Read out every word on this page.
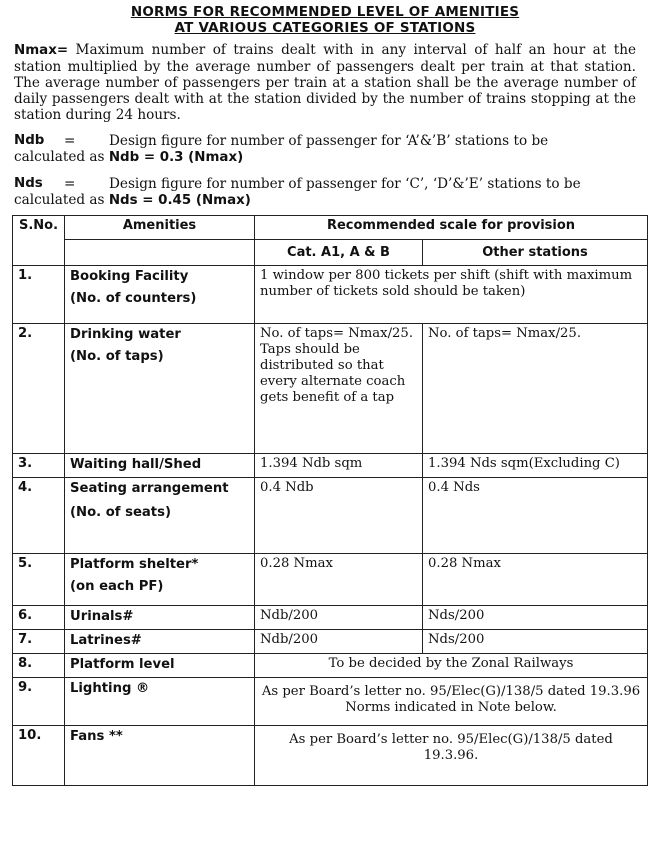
NORMS FOR RECOMMENDED LEVEL OF AMENITIES
AT VARIOUS CATEGORIES OF STATIONS
Nmax= Maximum number of trains dealt with in any interval of half an hour at the station multiplied by the average number of passengers dealt per train at that station. The average number of passengers per train at a station shall be the average number of daily passengers dealt with at the station divided by the number of trains stopping at the station during 24 hours.
Ndb	=	Design figure for number of passenger for ‘A’&’B’ stations to be
calculated as Ndb = 0.3 (Nmax)
Nds	=	Design figure for number of passenger for ‘C’, ‘D’&’E’ stations to be
calculated as Nds = 0.45 (Nmax)
S.No.	Amenities	Recommended scale for provision	
		Cat. A1, A & B	Other stations
1.	Booking Facility
(No. of counters)	1 window per 800 tickets per shift (shift with maximum number of tickets sold should be taken)	
2.	Drinking water
(No. of taps)	No. of taps= Nmax/25. Taps should be distributed so that every alternate coach gets benefit of a tap	No. of taps= Nmax/25.
3.	Waiting hall/Shed	1.394 Ndb sqm	1.394 Nds sqm(Excluding C)
4.	Seating arrangement
(No. of seats)	0.4 Ndb	0.4 Nds
5.	Platform shelter*
(on each PF)	0.28 Nmax	0.28 Nmax
6.	Urinals#	Ndb/200	Nds/200
7.	Latrines#	Ndb/200	Nds/200
8.	Platform level	To be decided by the Zonal Railways	
9.	Lighting ®	As per Board’s letter no. 95/Elec(G)/138/5 dated 19.3.96 Norms indicated in Note below.	
10.	Fans **	As per Board’s letter no. 95/Elec(G)/138/5 dated 19.3.96.	
